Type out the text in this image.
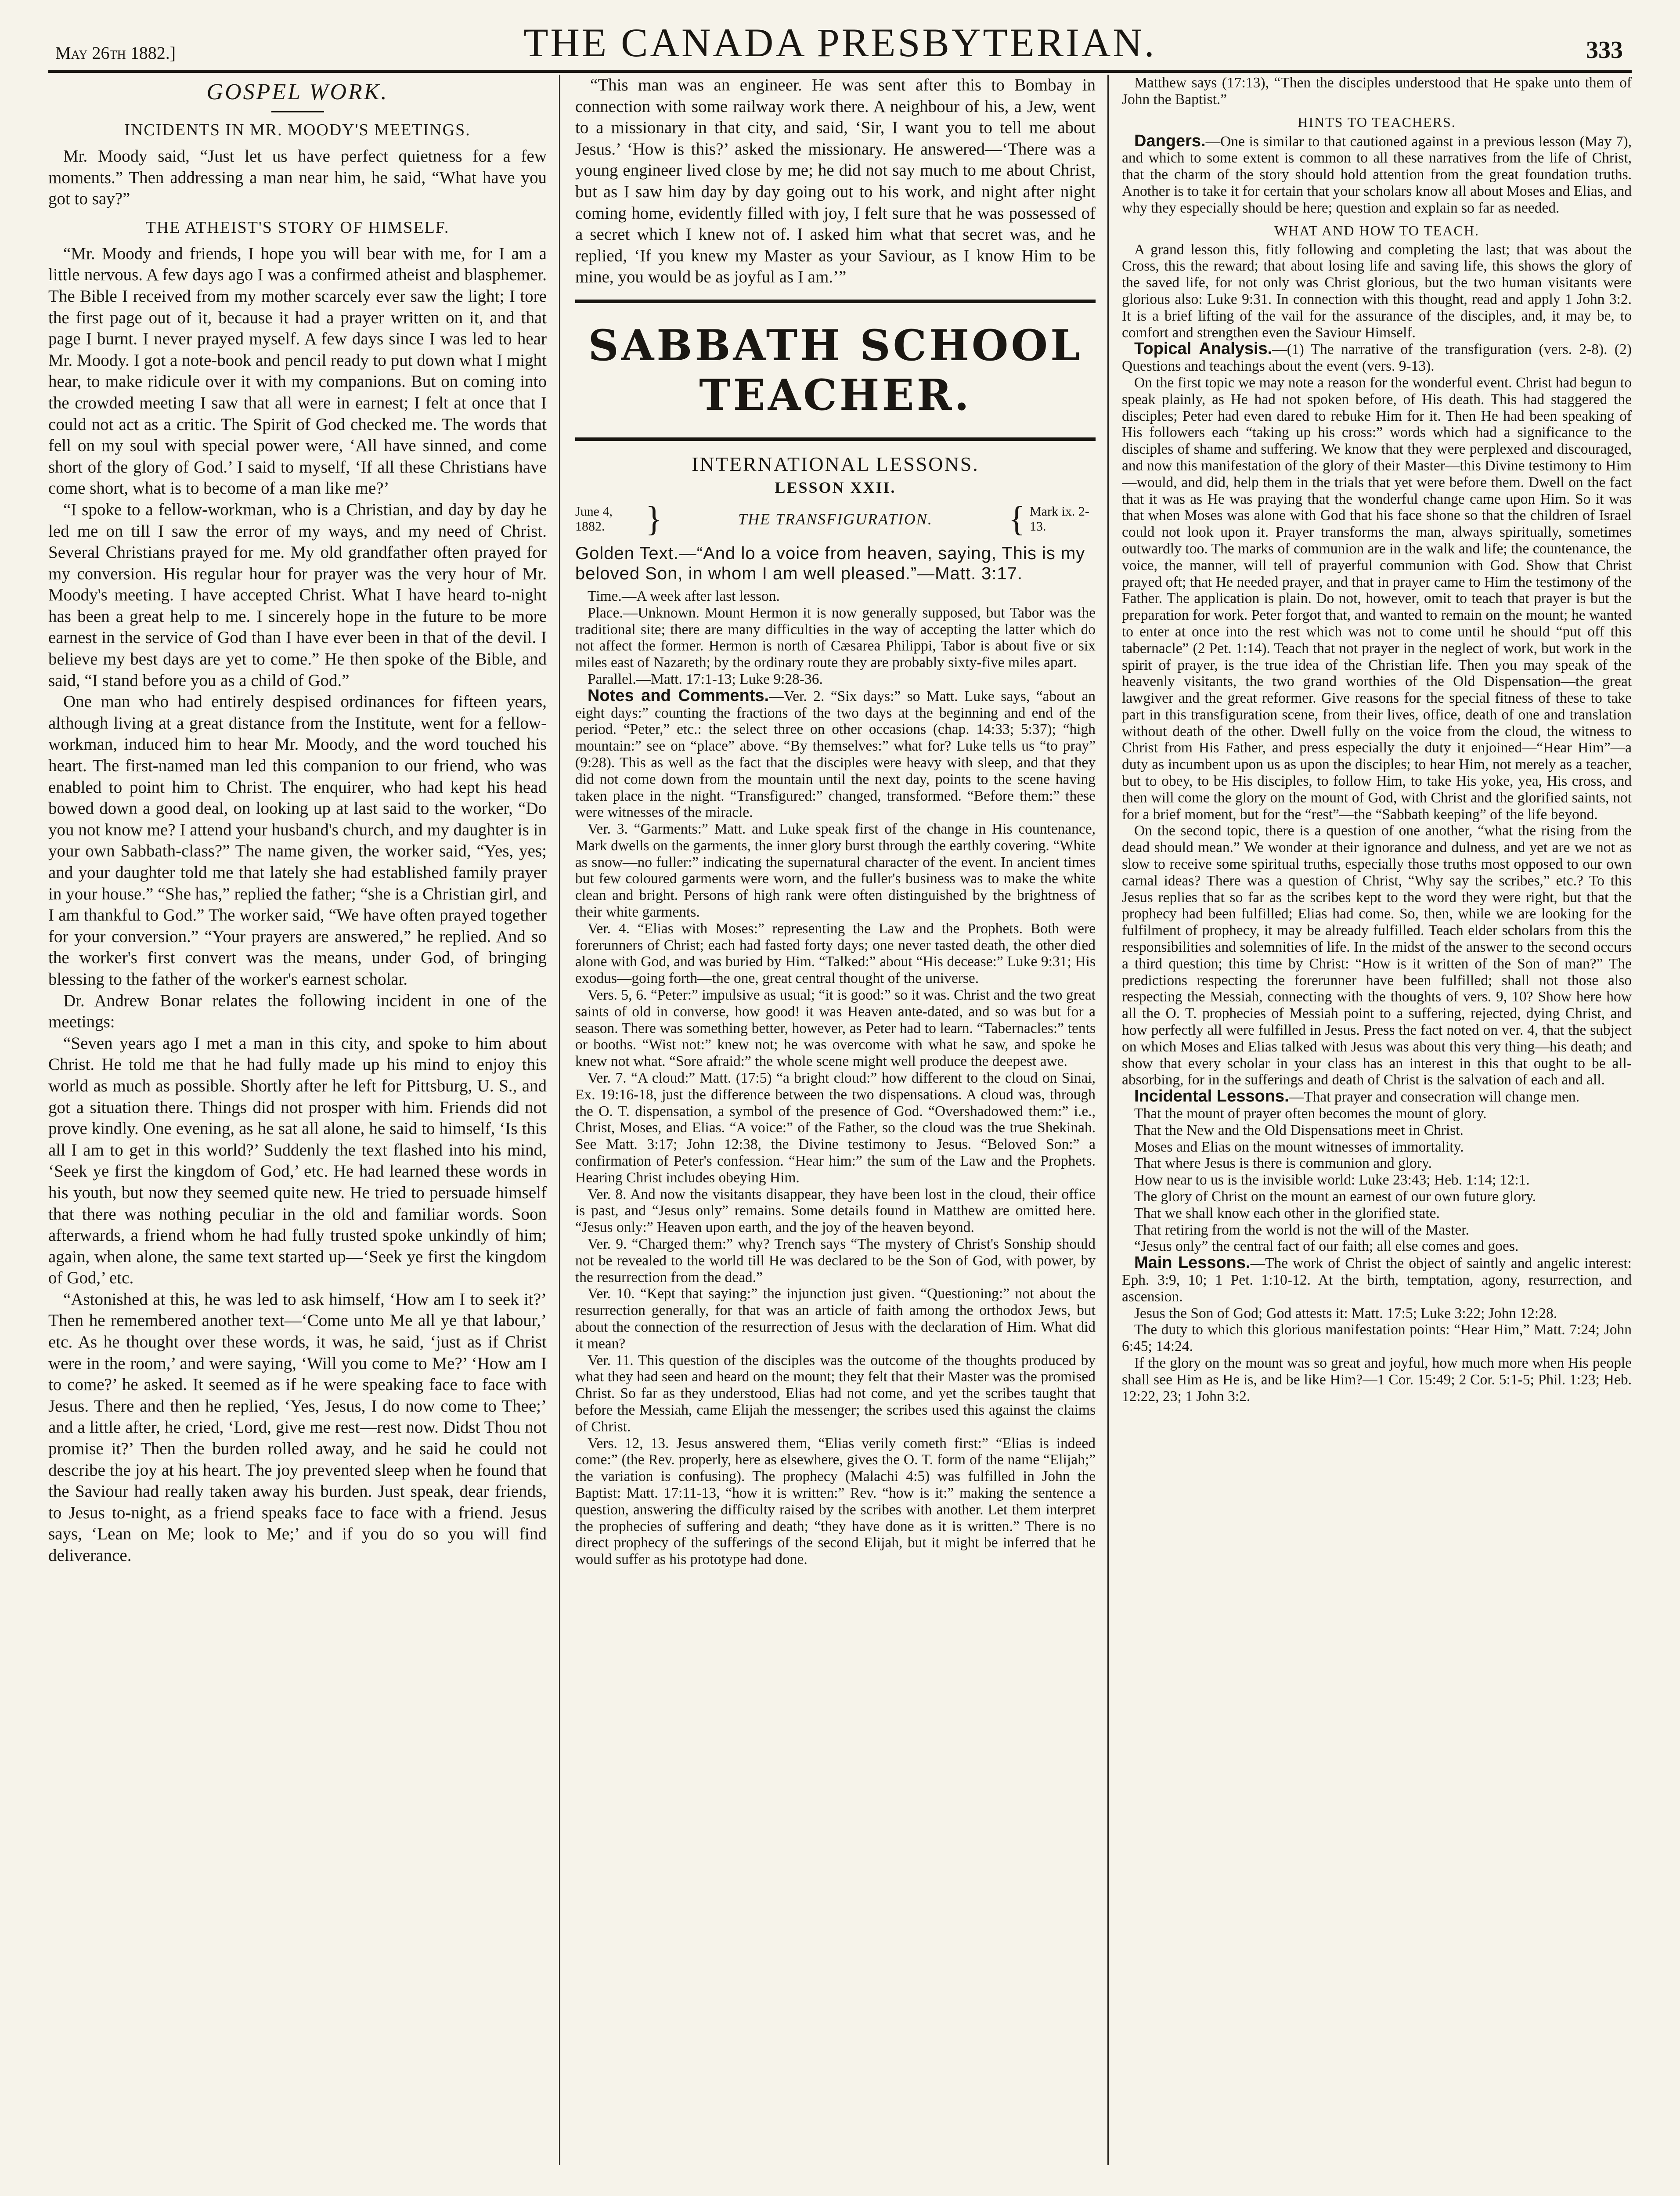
May 26th 1882.]	THE CANADA PRESBYTERIAN.	333
GOSPEL WORK.
INCIDENTS IN MR. MOODY'S MEETINGS.

Mr. Moody said, “Just let us have perfect quietness for a few moments.” Then addressing a man near him, he said, “What have you got to say?”

THE ATHEIST'S STORY OF HIMSELF.

“Mr. Moody and friends, I hope you will bear with me, for I am a little nervous. A few days ago I was a confirmed atheist and blasphemer. The Bible I received from my mother scarcely ever saw the light; I tore the first page out of it, because it had a prayer written on it, and that page I burnt. I never prayed myself. A few days since I was led to hear Mr. Moody. I got a note-book and pencil ready to put down what I might hear, to make ridicule over it with my companions. But on coming into the crowded meeting I saw that all were in earnest; I felt at once that I could not act as a critic. The Spirit of God checked me. The words that fell on my soul with special power were, ‘All have sinned, and come short of the glory of God.’ I said to myself, ‘If all these Christians have come short, what is to become of a man like me?’

“I spoke to a fellow-workman, who is a Christian, and day by day he led me on till I saw the error of my ways, and my need of Christ. Several Christians prayed for me. My old grandfather often prayed for my conversion. His regular hour for prayer was the very hour of Mr. Moody's meeting. I have accepted Christ. What I have heard to-night has been a great help to me. I sincerely hope in the future to be more earnest in the service of God than I have ever been in that of the devil. I believe my best days are yet to come.” He then spoke of the Bible, and said, “I stand before you as a child of God.”

One man who had entirely despised ordinances for fifteen years, although living at a great distance from the Institute, went for a fellow-workman, induced him to hear Mr. Moody, and the word touched his heart. The first-named man led this companion to our friend, who was enabled to point him to Christ. The enquirer, who had kept his head bowed down a good deal, on looking up at last said to the worker, “Do you not know me? I attend your husband's church, and my daughter is in your own Sabbath-class?” The name given, the worker said, “Yes, yes; and your daughter told me that lately she had established family prayer in your house.” “She has,” replied the father; “she is a Christian girl, and I am thankful to God.” The worker said, “We have often prayed together for your conversion.” “Your prayers are answered,” he replied. And so the worker's first convert was the means, under God, of bringing blessing to the father of the worker's earnest scholar.

Dr. Andrew Bonar relates the following incident in one of the meetings:

“Seven years ago I met a man in this city, and spoke to him about Christ. He told me that he had fully made up his mind to enjoy this world as much as possible. Shortly after he left for Pittsburg, U. S., and got a situation there. Things did not prosper with him. Friends did not prove kindly. One evening, as he sat all alone, he said to himself, ‘Is this all I am to get in this world?’ Suddenly the text flashed into his mind, ‘Seek ye first the kingdom of God,’ etc. He had learned these words in his youth, but now they seemed quite new. He tried to persuade himself that there was nothing peculiar in the old and familiar words. Soon afterwards, a friend whom he had fully trusted spoke unkindly of him; again, when alone, the same text started up—‘Seek ye first the kingdom of God,’ etc.

“Astonished at this, he was led to ask himself, ‘How am I to seek it?’ Then he remembered another text—‘Come unto Me all ye that labour,’ etc. As he thought over these words, it was, he said, ‘just as if Christ were in the room,’ and were saying, ‘Will you come to Me?’ ‘How am I to come?’ he asked. It seemed as if he were speaking face to face with Jesus. There and then he replied, ‘Yes, Jesus, I do now come to Thee;’ and a little after, he cried, ‘Lord, give me rest—rest now. Didst Thou not promise it?’ Then the burden rolled away, and he said he could not describe the joy at his heart. The joy prevented sleep when he found that the Saviour had really taken away his burden. Just speak, dear friends, to Jesus to-night, as a friend speaks face to face with a friend. Jesus says, ‘Lean on Me; look to Me;’ and if you do so you will find deliverance.

“This man was an engineer. He was sent after this to Bombay in connection with some railway work there. A neighbour of his, a Jew, went to a missionary in that city, and said, ‘Sir, I want you to tell me about Jesus.’ ‘How is this?’ asked the missionary. He answered—‘There was a young engineer lived close by me; he did not say much to me about Christ, but as I saw him day by day going out to his work, and night after night coming home, evidently filled with joy, I felt sure that he was possessed of a secret which I knew not of. I asked him what that secret was, and he replied, ‘If you knew my Master as your Saviour, as I know Him to be mine, you would be as joyful as I am.’”

SABBATH SCHOOL TEACHER.
INTERNATIONAL LESSONS.
LESSON XXII.
June 4, 1882.	}	THE TRANSFIGURATION.	{ Mark ix. 2-13.
Golden Text.—“And lo a voice from heaven, saying, This is my beloved Son, in whom I am well pleased.”—Matt. 3:17.

Time.—A week after last lesson.

Place.—Unknown. Mount Hermon it is now generally supposed, but Tabor was the traditional site; there are many difficulties in the way of accepting the latter which do not affect the former. Hermon is north of Cæsarea Philippi, Tabor is about five or six miles east of Nazareth; by the ordinary route they are probably sixty-five miles apart.

Parallel.—Matt. 17:1-13; Luke 9:28-36.

Notes and Comments.—Ver. 2. “Six days:” so Matt. Luke says, “about an eight days:” counting the fractions of the two days at the beginning and end of the period. “Peter,” etc.: the select three on other occasions (chap. 14:33; 5:37); “high mountain:” see on “place” above. “By themselves:” what for? Luke tells us “to pray” (9:28). This as well as the fact that the disciples were heavy with sleep, and that they did not come down from the mountain until the next day, points to the scene having taken place in the night. “Transfigured:” changed, transformed. “Before them:” these were witnesses of the miracle.

Ver. 3. “Garments:” Matt. and Luke speak first of the change in His countenance, Mark dwells on the garments, the inner glory burst through the earthly covering. “White as snow—no fuller:” indicating the supernatural character of the event. In ancient times but few coloured garments were worn, and the fuller's business was to make the white clean and bright. Persons of high rank were often distinguished by the brightness of their white garments.

Ver. 4. “Elias with Moses:” representing the Law and the Prophets. Both were forerunners of Christ; each had fasted forty days; one never tasted death, the other died alone with God, and was buried by Him. “Talked:” about “His decease:” Luke 9:31; His exodus—going forth—the one, great central thought of the universe.

Vers. 5, 6. “Peter:” impulsive as usual; “it is good:” so it was. Christ and the two great saints of old in converse, how good! it was Heaven ante-dated, and so was but for a season. There was something better, however, as Peter had to learn. “Tabernacles:” tents or booths. “Wist not:” knew not; he was overcome with what he saw, and spoke he knew not what. “Sore afraid:” the whole scene might well produce the deepest awe.

Ver. 7. “A cloud:” Matt. (17:5) “a bright cloud:” how different to the cloud on Sinai, Ex. 19:16-18, just the difference between the two dispensations. A cloud was, through the O. T. dispensation, a symbol of the presence of God. “Overshadowed them:” i.e., Christ, Moses, and Elias. “A voice:” of the Father, so the cloud was the true Shekinah. See Matt. 3:17; John 12:38, the Divine testimony to Jesus. “Beloved Son:” a confirmation of Peter's confession. “Hear him:” the sum of the Law and the Prophets. Hearing Christ includes obeying Him.

Ver. 8. And now the visitants disappear, they have been lost in the cloud, their office is past, and “Jesus only” remains. Some details found in Matthew are omitted here. “Jesus only:” Heaven upon earth, and the joy of the heaven beyond.

Ver. 9. “Charged them:” why? Trench says “The mystery of Christ's Sonship should not be revealed to the world till He was declared to be the Son of God, with power, by the resurrection from the dead.”

Ver. 10. “Kept that saying:” the injunction just given. “Questioning:” not about the resurrection generally, for that was an article of faith among the orthodox Jews, but about the connection of the resurrection of Jesus with the declaration of Him. What did it mean?

Ver. 11. This question of the disciples was the outcome of the thoughts produced by what they had seen and heard on the mount; they felt that their Master was the promised Christ. So far as they understood, Elias had not come, and yet the scribes taught that before the Messiah, came Elijah the messenger; the scribes used this against the claims of Christ.

Vers. 12, 13. Jesus answered them, “Elias verily cometh first:” “Elias is indeed come:” (the Rev. properly, here as elsewhere, gives the O. T. form of the name “Elijah;” the variation is confusing). The prophecy (Malachi 4:5) was fulfilled in John the Baptist: Matt. 17:11-13, “how it is written:” Rev. “how is it:” making the sentence a question, answering the difficulty raised by the scribes with another. Let them interpret the prophecies of suffering and death; “they have done as it is written.” There is no direct prophecy of the sufferings of the second Elijah, but it might be inferred that he would suffer as his prototype had done.

Matthew says (17:13), “Then the disciples understood that He spake unto them of John the Baptist.”

HINTS TO TEACHERS.

Dangers.—One is similar to that cautioned against in a previous lesson (May 7), and which to some extent is common to all these narratives from the life of Christ, that the charm of the story should hold attention from the great foundation truths. Another is to take it for certain that your scholars know all about Moses and Elias, and why they especially should be here; question and explain so far as needed.

WHAT AND HOW TO TEACH.

A grand lesson this, fitly following and completing the last; that was about the Cross, this the reward; that about losing life and saving life, this shows the glory of the saved life, for not only was Christ glorious, but the two human visitants were glorious also: Luke 9:31. In connection with this thought, read and apply 1 John 3:2. It is a brief lifting of the vail for the assurance of the disciples, and, it may be, to comfort and strengthen even the Saviour Himself.

Topical Analysis.—(1) The narrative of the transfiguration (vers. 2-8). (2) Questions and teachings about the event (vers. 9-13).

On the first topic we may note a reason for the wonderful event. Christ had begun to speak plainly, as He had not spoken before, of His death. This had staggered the disciples; Peter had even dared to rebuke Him for it. Then He had been speaking of His followers each “taking up his cross:” words which had a significance to the disciples of shame and suffering. We know that they were perplexed and discouraged, and now this manifestation of the glory of their Master—this Divine testimony to Him—would, and did, help them in the trials that yet were before them. Dwell on the fact that it was as He was praying that the wonderful change came upon Him. So it was that when Moses was alone with God that his face shone so that the children of Israel could not look upon it. Prayer transforms the man, always spiritually, sometimes outwardly too. The marks of communion are in the walk and life; the countenance, the voice, the manner, will tell of prayerful communion with God. Show that Christ prayed oft; that He needed prayer, and that in prayer came to Him the testimony of the Father. The application is plain. Do not, however, omit to teach that prayer is but the preparation for work. Peter forgot that, and wanted to remain on the mount; he wanted to enter at once into the rest which was not to come until he should “put off this tabernacle” (2 Pet. 1:14). Teach that not prayer in the neglect of work, but work in the spirit of prayer, is the true idea of the Christian life. Then you may speak of the heavenly visitants, the two grand worthies of the Old Dispensation—the great lawgiver and the great reformer. Give reasons for the special fitness of these to take part in this transfiguration scene, from their lives, office, death of one and translation without death of the other. Dwell fully on the voice from the cloud, the witness to Christ from His Father, and press especially the duty it enjoined—“Hear Him”—a duty as incumbent upon us as upon the disciples; to hear Him, not merely as a teacher, but to obey, to be His disciples, to follow Him, to take His yoke, yea, His cross, and then will come the glory on the mount of God, with Christ and the glorified saints, not for a brief moment, but for the “rest”—the “Sabbath keeping” of the life beyond.

On the second topic, there is a question of one another, “what the rising from the dead should mean.” We wonder at their ignorance and dulness, and yet are we not as slow to receive some spiritual truths, especially those truths most opposed to our own carnal ideas? There was a question of Christ, “Why say the scribes,” etc.? To this Jesus replies that so far as the scribes kept to the word they were right, but that the prophecy had been fulfilled; Elias had come. So, then, while we are looking for the fulfilment of prophecy, it may be already fulfilled. Teach elder scholars from this the responsibilities and solemnities of life. In the midst of the answer to the second occurs a third question; this time by Christ: “How is it written of the Son of man?” The predictions respecting the forerunner have been fulfilled; shall not those also respecting the Messiah, connecting with the thoughts of vers. 9, 10? Show here how all the O. T. prophecies of Messiah point to a suffering, rejected, dying Christ, and how perfectly all were fulfilled in Jesus. Press the fact noted on ver. 4, that the subject on which Moses and Elias talked with Jesus was about this very thing—his death; and show that every scholar in your class has an interest in this that ought to be all-absorbing, for in the sufferings and death of Christ is the salvation of each and all.

Incidental Lessons.—That prayer and consecration will change men.

That the mount of prayer often becomes the mount of glory.

That the New and the Old Dispensations meet in Christ.

Moses and Elias on the mount witnesses of immortality.

That where Jesus is there is communion and glory.

How near to us is the invisible world: Luke 23:43; Heb. 1:14; 12:1.

The glory of Christ on the mount an earnest of our own future glory.

That we shall know each other in the glorified state.

That retiring from the world is not the will of the Master.

“Jesus only” the central fact of our faith; all else comes and goes.

Main Lessons.—The work of Christ the object of saintly and angelic interest: Eph. 3:9, 10; 1 Pet. 1:10-12. At the birth, temptation, agony, resurrection, and ascension.

Jesus the Son of God; God attests it: Matt. 17:5; Luke 3:22; John 12:28.

The duty to which this glorious manifestation points: “Hear Him,” Matt. 7:24; John 6:45; 14:24.

If the glory on the mount was so great and joyful, how much more when His people shall see Him as He is, and be like Him?—1 Cor. 15:49; 2 Cor. 5:1-5; Phil. 1:23; Heb. 12:22, 23; 1 John 3:2.
